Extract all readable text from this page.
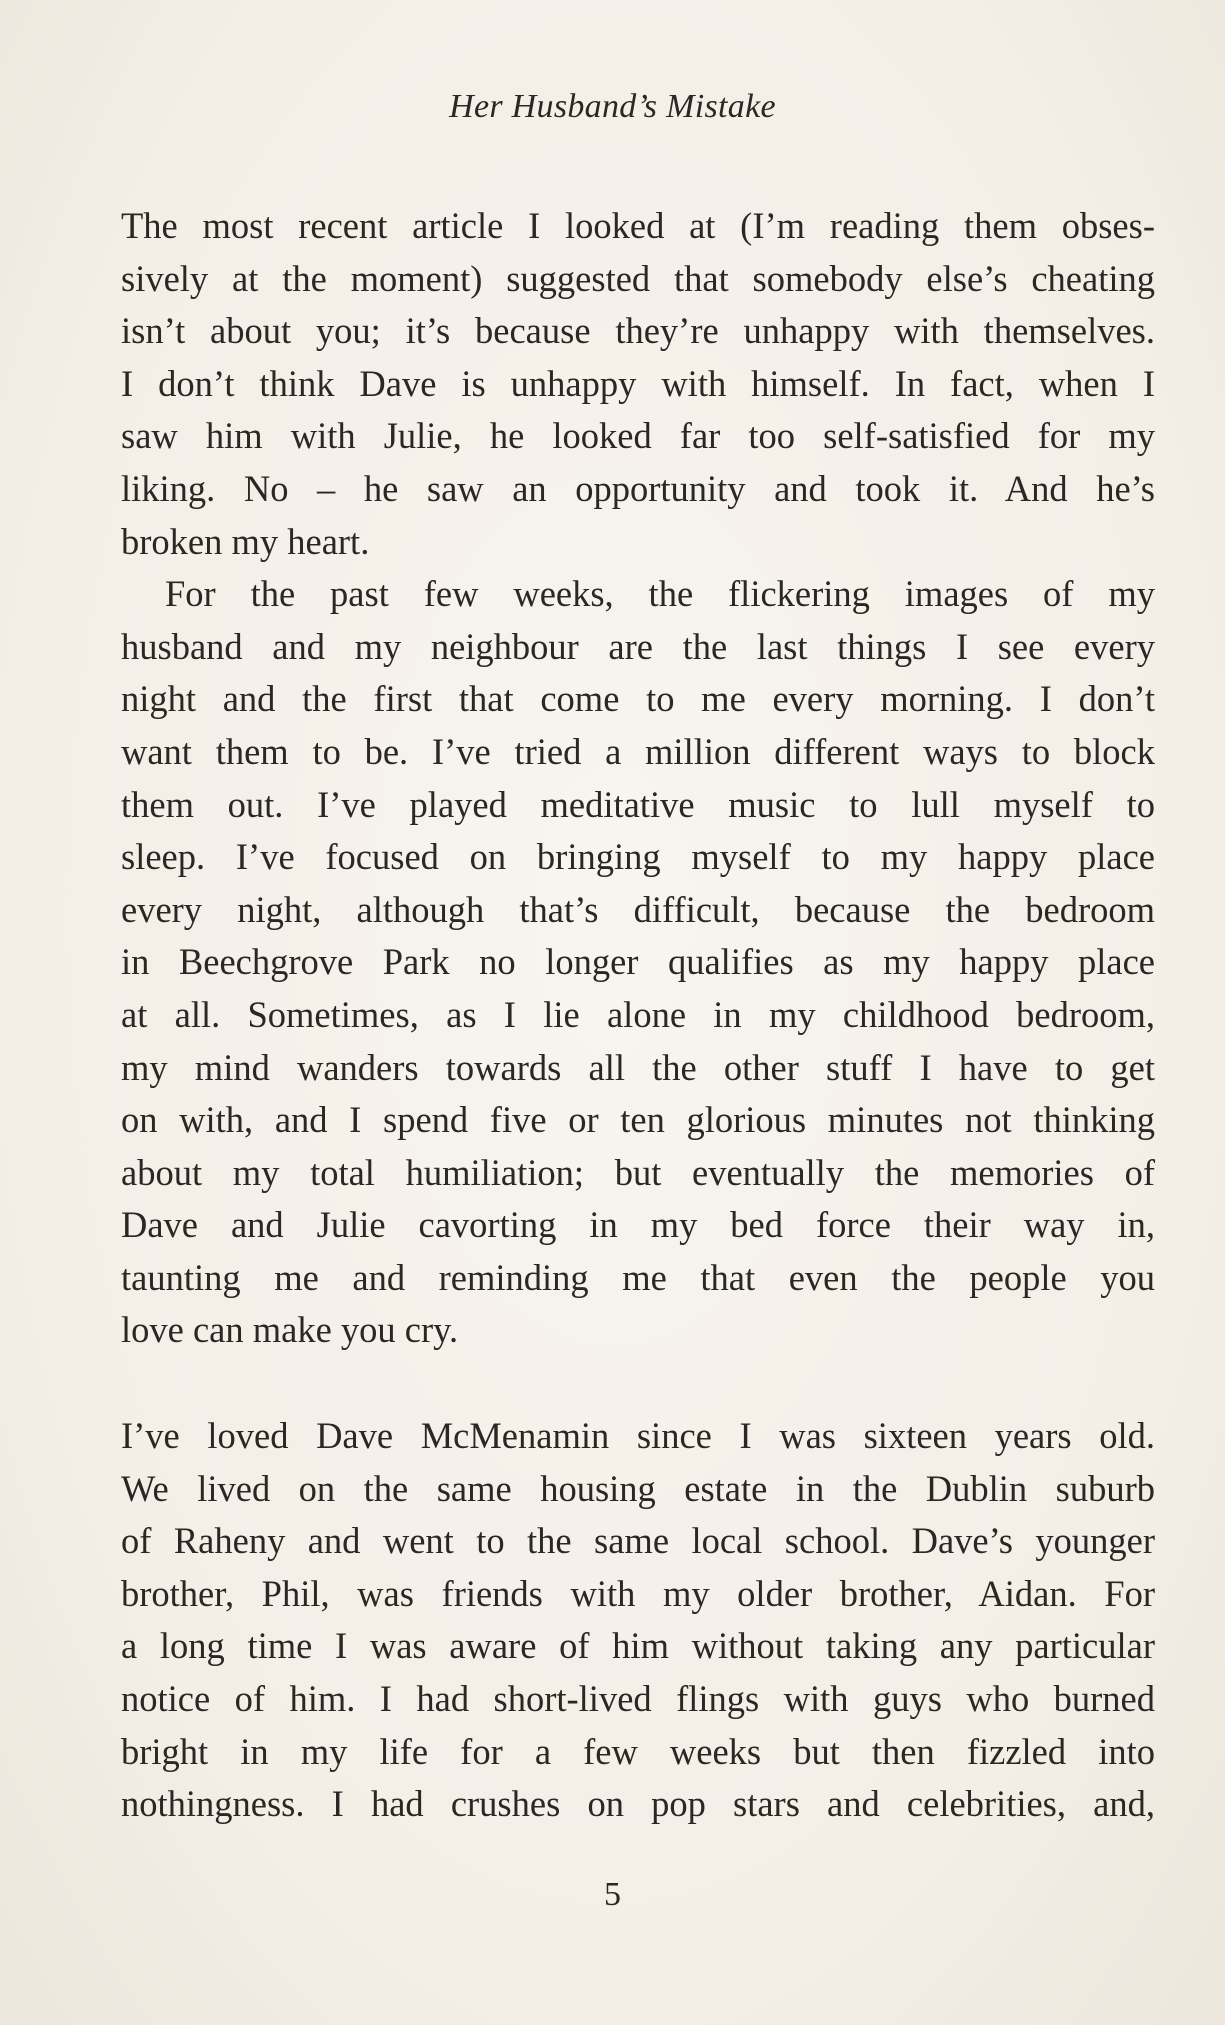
Her Husband’s Mistake

The most recent article I looked at (I’m reading them obses-
sively at the moment) suggested that somebody else’s cheating
isn’t about you; it’s because they’re unhappy with themselves.
I don’t think Dave is unhappy with himself. In fact, when I
saw him with Julie, he looked far too self-satisfied for my
liking. No – he saw an opportunity and took it. And he’s
broken my heart.

For the past few weeks, the flickering images of my
husband and my neighbour are the last things I see every
night and the first that come to me every morning. I don’t
want them to be. I’ve tried a million different ways to block
them out. I’ve played meditative music to lull myself to
sleep. I’ve focused on bringing myself to my happy place
every night, although that’s difficult, because the bedroom
in Beechgrove Park no longer qualifies as my happy place
at all. Sometimes, as I lie alone in my childhood bedroom,
my mind wanders towards all the other stuff I have to get
on with, and I spend five or ten glorious minutes not thinking
about my total humiliation; but eventually the memories of
Dave and Julie cavorting in my bed force their way in,
taunting me and reminding me that even the people you
love can make you cry.

I’ve loved Dave McMenamin since I was sixteen years old.
We lived on the same housing estate in the Dublin suburb
of Raheny and went to the same local school. Dave’s younger
brother, Phil, was friends with my older brother, Aidan. For
a long time I was aware of him without taking any particular
notice of him. I had short-lived flings with guys who burned
bright in my life for a few weeks but then fizzled into
nothingness. I had crushes on pop stars and celebrities, and,

5
